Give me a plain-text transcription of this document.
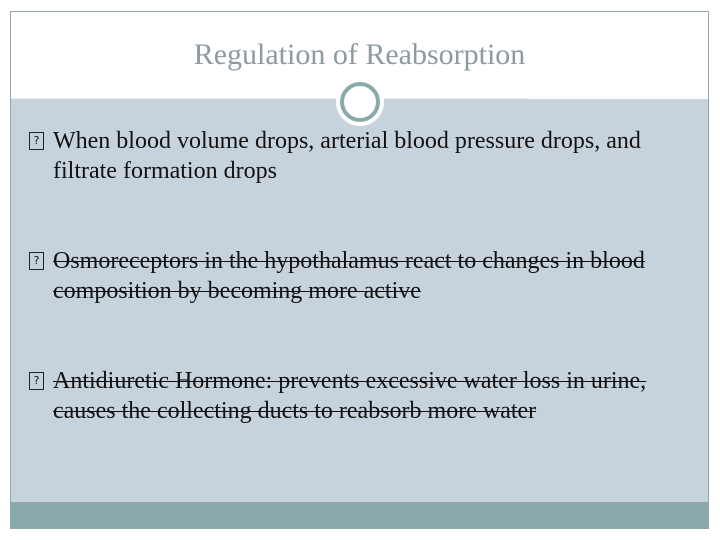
Regulation of Reabsorption
? When blood volume drops, arterial blood pressure drops, and filtrate formation drops
? Osmoreceptors in the hypothalamus react to changes in blood composition by becoming more active
? Antidiuretic Hormone: prevents excessive water loss in urine, causes the collecting ducts to reabsorb more water
